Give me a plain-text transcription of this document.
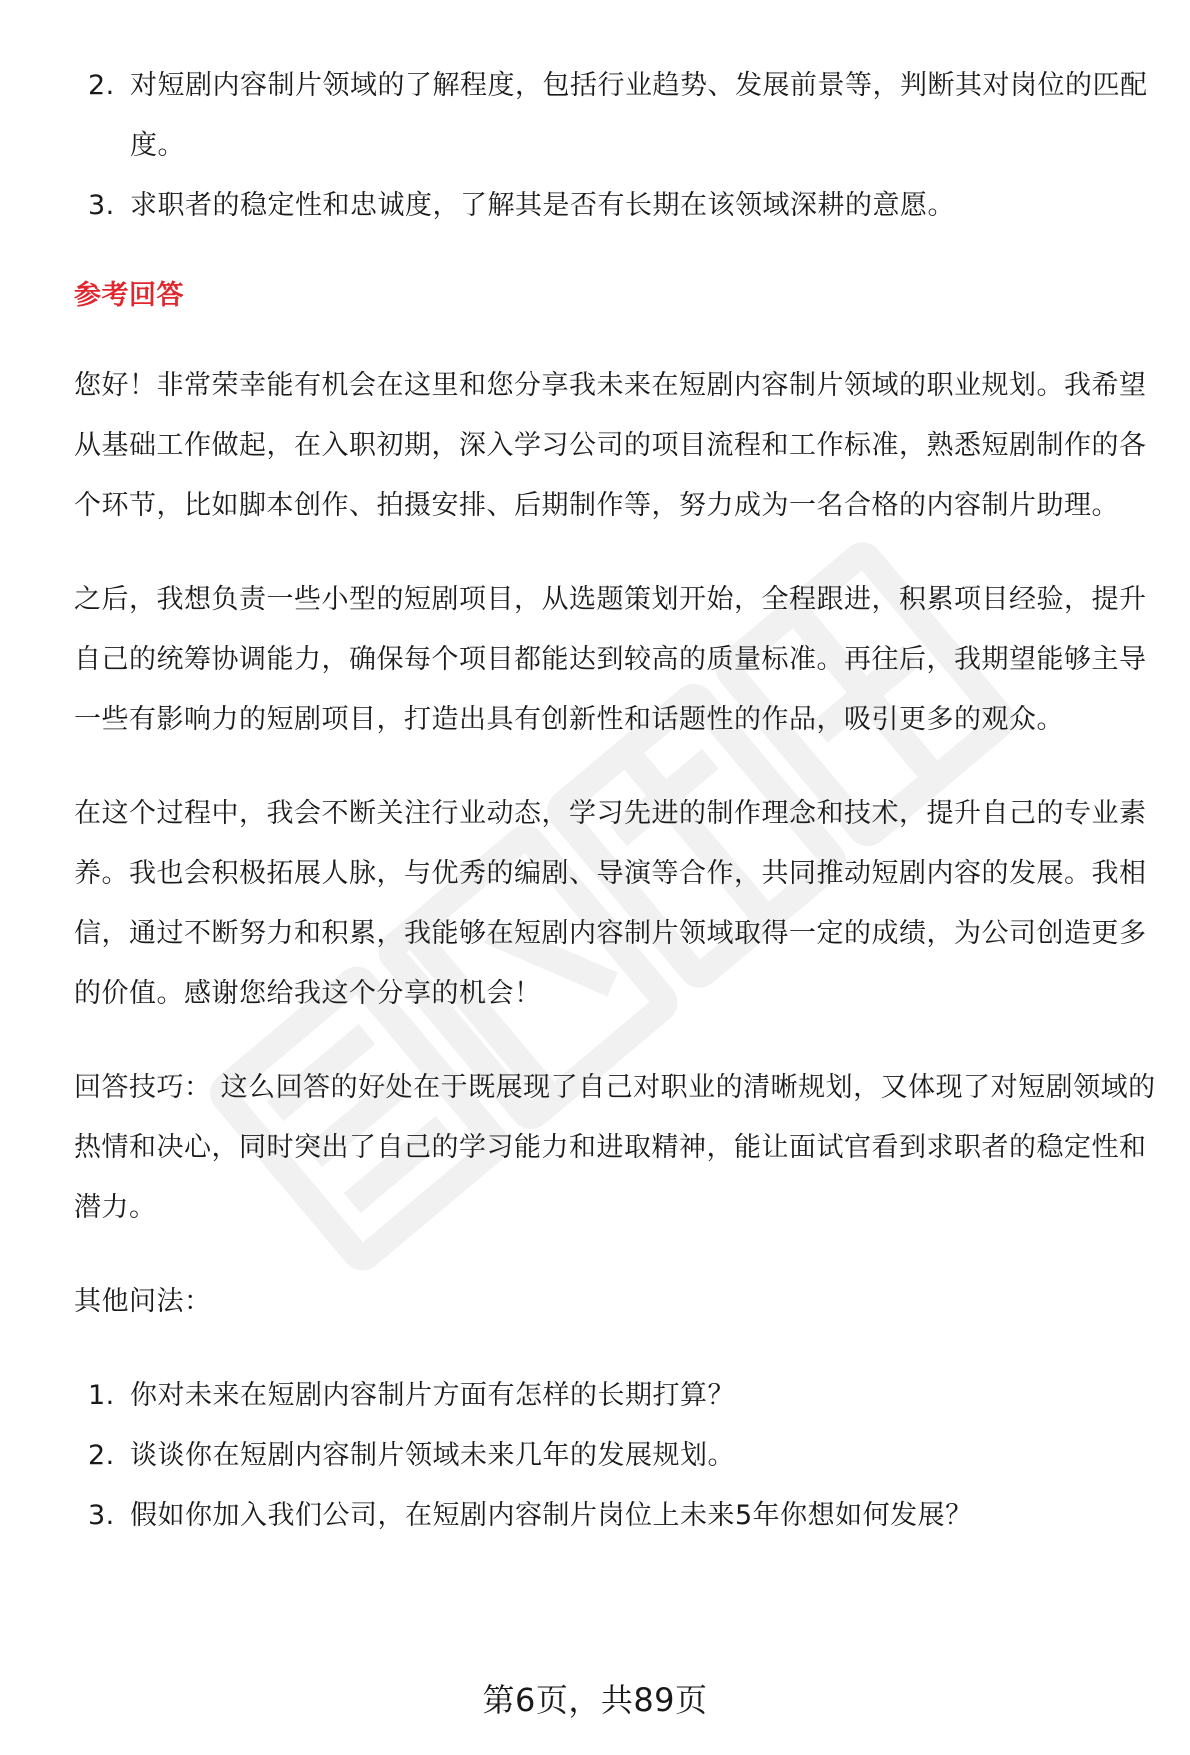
2. 对短剧内容制片领域的了解程度，包括行业趋势、发展前景等，判断其对岗位的匹配度。
3. 求职者的稳定性和忠诚度，了解其是否有长期在该领域深耕的意愿。

参考回答

您好！非常荣幸能有机会在这里和您分享我未来在短剧内容制片领域的职业规划。我希望从基础工作做起，在入职初期，深入学习公司的项目流程和工作标准，熟悉短剧制作的各个环节，比如脚本创作、拍摄安排、后期制作等，努力成为一名合格的内容制片助理。

之后，我想负责一些小型的短剧项目，从选题策划开始，全程跟进，积累项目经验，提升自己的统筹协调能力，确保每个项目都能达到较高的质量标准。再往后，我期望能够主导一些有影响力的短剧项目，打造出具有创新性和话题性的作品，吸引更多的观众。

在这个过程中，我会不断关注行业动态，学习先进的制作理念和技术，提升自己的专业素养。我也会积极拓展人脉，与优秀的编剧、导演等合作，共同推动短剧内容的发展。我相信，通过不断努力和积累，我能够在短剧内容制片领域取得一定的成绩，为公司创造更多的价值。感谢您给我这个分享的机会！

回答技巧： 这么回答的好处在于既展现了自己对职业的清晰规划，又体现了对短剧领域的热情和决心，同时突出了自己的学习能力和进取精神，能让面试官看到求职者的稳定性和潜力。

其他问法：

1. 你对未来在短剧内容制片方面有怎样的长期打算？
2. 谈谈你在短剧内容制片领域未来几年的发展规划。
3. 假如你加入我们公司，在短剧内容制片岗位上未来5年你想如何发展？
第6页，共89页
